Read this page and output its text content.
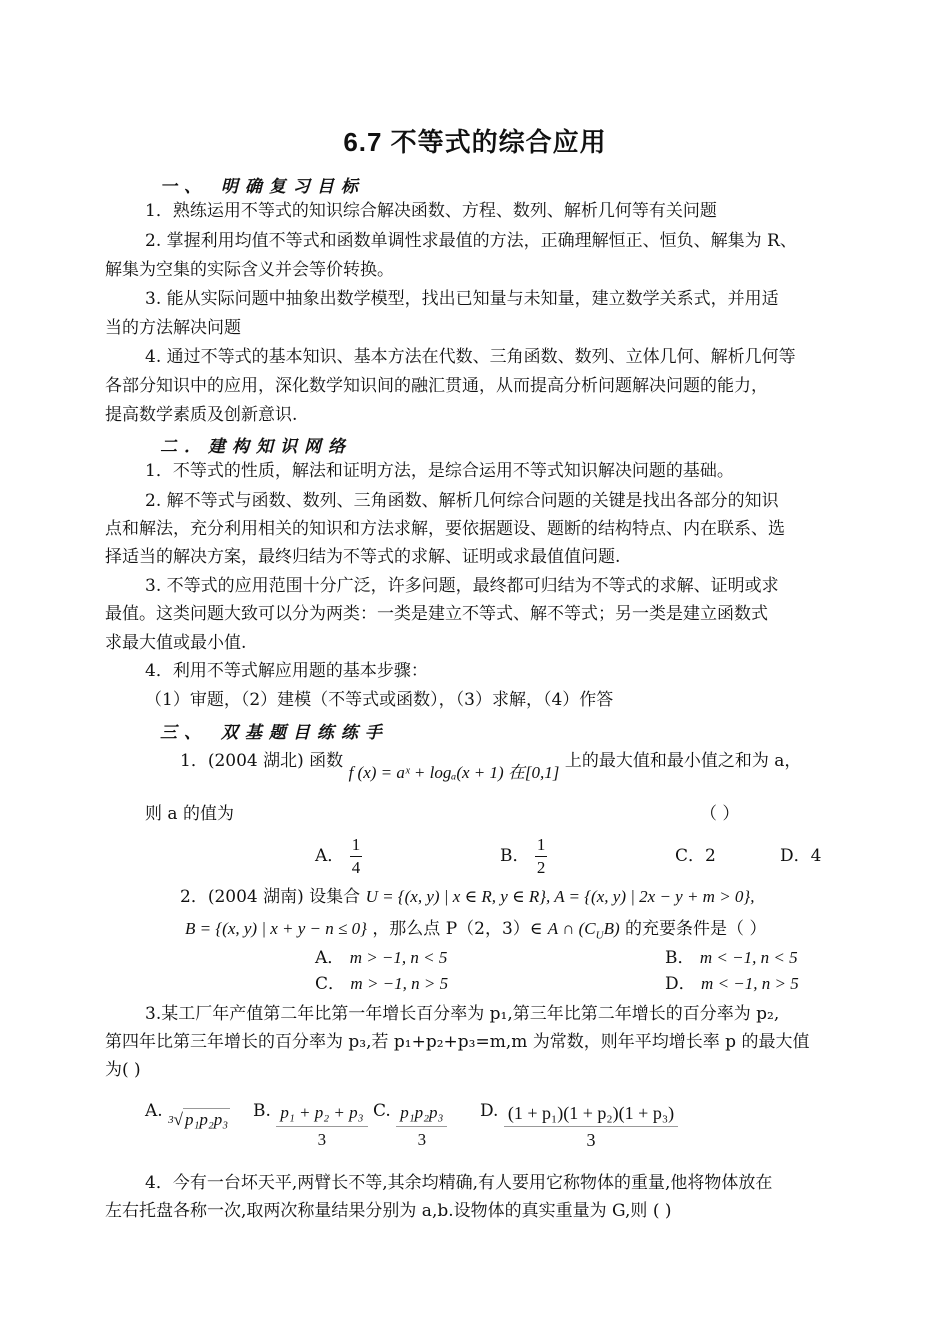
6.7 不等式的综合应用
一、 明确复习目标
1．熟练运用不等式的知识综合解决函数、方程、数列、解析几何等有关问题
2. 掌握利用均值不等式和函数单调性求最值的方法，正确理解恒正、恒负、解集为 R、
解集为空集的实际含义并会等价转换。
3. 能从实际问题中抽象出数学模型，找出已知量与未知量，建立数学关系式，并用适
当的方法解决问题
4. 通过不等式的基本知识、基本方法在代数、三角函数、数列、立体几何、解析几何等
各部分知识中的应用，深化数学知识间的融汇贯通，从而提高分析问题解决问题的能力，
提高数学素质及创新意识.
二．建构知识网络
1．不等式的性质，解法和证明方法，是综合运用不等式知识解决问题的基础。
2. 解不等式与函数、数列、三角函数、解析几何综合问题的关键是找出各部分的知识
点和解法，充分利用相关的知识和方法求解，要依据题设、题断的结构特点、内在联系、选
择适当的解决方案，最终归结为不等式的求解、证明或求最值值问题.
3. 不等式的应用范围十分广泛，许多问题，最终都可归结为不等式的求解、证明或求
最值。这类问题大致可以分为两类：一类是建立不等式、解不等式；另一类是建立函数式
求最大值或最小值.
4．利用不等式解应用题的基本步骤：
（1）审题，（2）建模（不等式或函数），（3）求解，（4）作答
三、 双基题目练练手
1．(2004 湖北) 函数 f (x) = aˣ + logₐ(x + 1) 在[0,1] 上的最大值和最小值之和为 a，
则 a 的值为	（ ）
A． $\frac{1}{4}$	B． $\frac{1}{2}$	C．2	D．4
2．(2004 湖南) 设集合 U = {(x, y) | x ∈ R, y ∈ R}, A = {(x, y) | 2x − y + m > 0},
B = {(x, y) | x + y − n ≤ 0} ，那么点 P（2，3）∈ A ∩ $(C_UB)$ 的充要条件是（ ）
A． m > −1, n < 5	B． m < −1, n < 5
C． m > −1, n > 5	D． m < −1, n > 5
3.某工厂年产值第二年比第一年增长百分率为 p₁,第三年比第二年增长的百分率为 p₂,
第四年比第三年增长的百分率为 p₃,若 p₁+p₂+p₃=m,m 为常数，则年平均增长率 p 的最大值
为( )
A. 3 √ p₁p₂p₃ B. $\frac{\text{p₁ + p₂ + p₃}}{3} C$. $\frac{\text{p₁p₂p₃}}{3} D$. $\frac{\text{(1 + p₁)(1 + p₂)(1 + p₃)}}{3}$
4．今有一台坏天平,两臂长不等,其余均精确,有人要用它称物体的重量,他将物体放在
左右托盘各称一次,取两次称量结果分别为 a,b.设物体的真实重量为 G,则 ( )
